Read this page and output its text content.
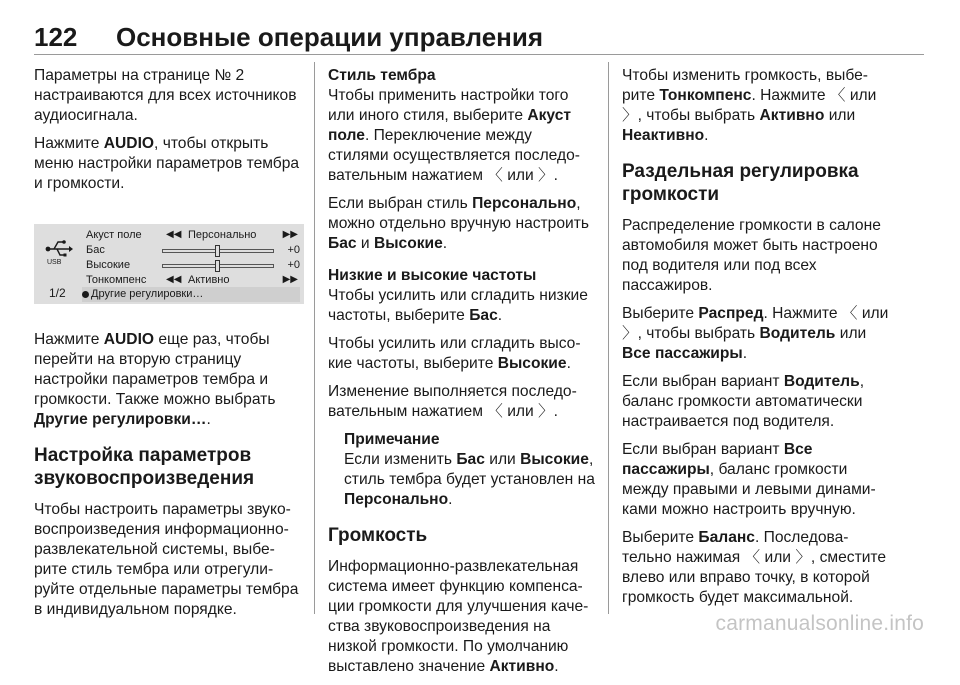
122 Основные операции управления

Параметры на странице № 2 настраиваются для всех источников аудиосигнала.

Нажмите AUDIO, чтобы открыть меню настройки параметров тембра и громкости.

USB
1/2
Акуст поле ◀◀ Персонально	▶▶
Бас	+0
Высокие	+0
Тонкомпенс ◀◀ Активно	▶▶
Другие регулировки…

Нажмите AUDIO еще раз, чтобы перейти на вторую страницу настройки параметров тембра и громкости. Также можно выбрать Другие регулировки….

Настройка параметров звуковоспроизведения

Чтобы настроить параметры звуко-воспроизведения информационно-развлекательной системы, выбе-рите стиль тембра или отрегули-руйте отдельные параметры тембра в индивидуальном порядке.

Стиль тембра

Чтобы применить настройки того или иного стиля, выберите Акуст поле. Переключение между стилями осуществляется последо-вательным нажатием 〈 или 〉.

Если выбран стиль Персонально, можно отдельно вручную настроить Бас и Высокие.

Низкие и высокие частоты

Чтобы усилить или сгладить низкие частоты, выберите Бас.

Чтобы усилить или сгладить высо-кие частоты, выберите Высокие.

Изменение выполняется последо-вательным нажатием 〈 или 〉.

Примечание

Если изменить Бас или Высокие, стиль тембра будет установлен на Персонально.

Громкость

Информационно-развлекательная система имеет функцию компенса-ции громкости для улучшения каче-ства звуковоспроизведения на низкой громкости. По умолчанию выставлено значение Активно.

Чтобы изменить громкость, выбе-рите Тонкомпенс. Нажмите 〈 или 〉, чтобы выбрать Активно или Неактивно.

Раздельная регулировка громкости

Распределение громкости в салоне автомобиля может быть настроено под водителя или под всех пассажиров.

Выберите Распред. Нажмите 〈 или 〉, чтобы выбрать Водитель или Все пассажиры.

Если выбран вариант Водитель, баланс громкости автоматически настраивается под водителя.

Если выбран вариант Все пассажиры, баланс громкости между правыми и левыми динами-ками можно настроить вручную.

Выберите Баланс. Последова-тельно нажимая 〈 или 〉, сместите влево или вправо точку, в которой громкость будет максимальной.

carmanualsonline.info
